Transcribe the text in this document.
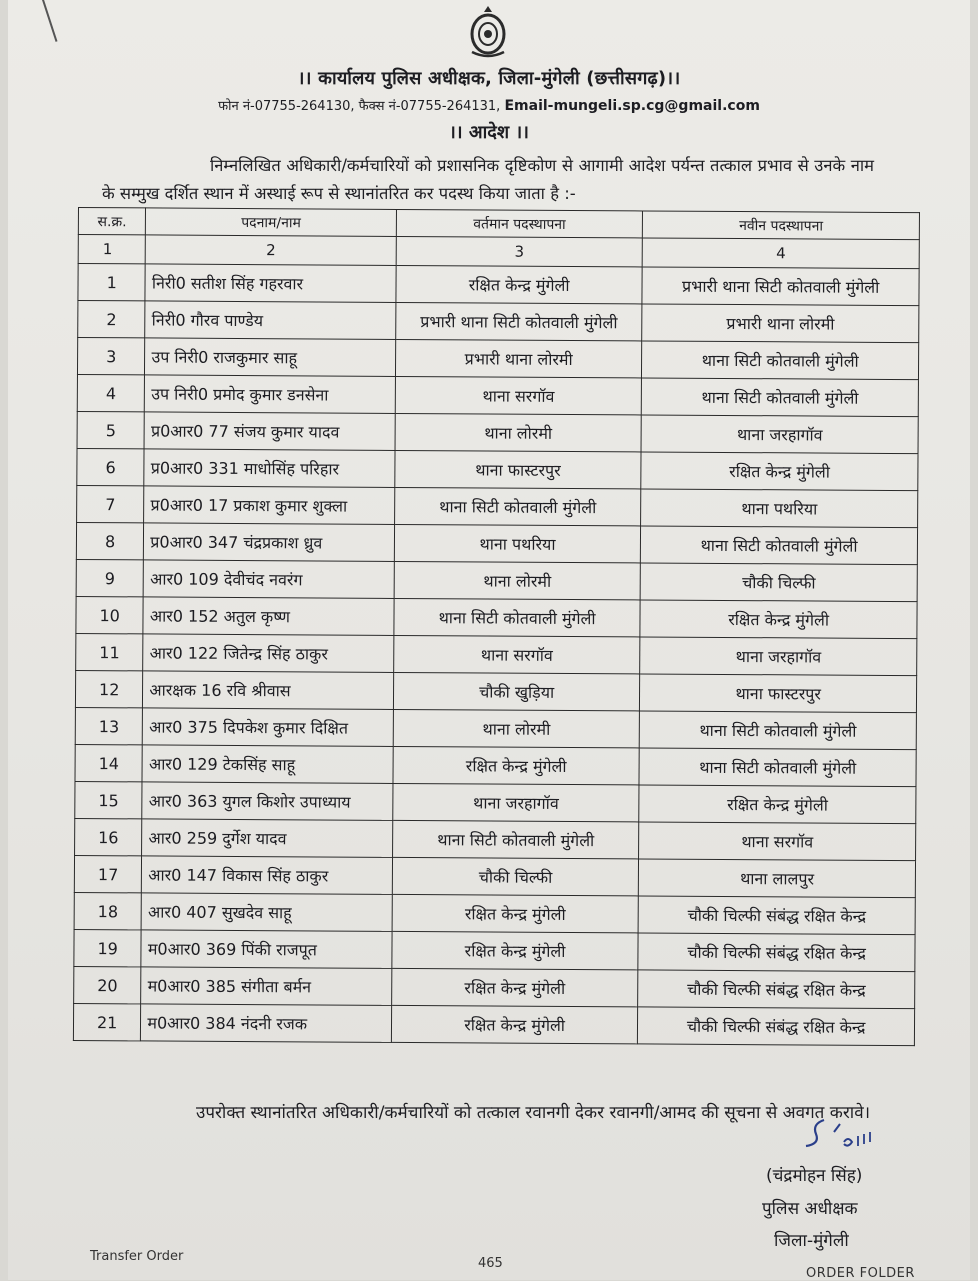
।। कार्यालय पुलिस अधीक्षक, जिला-मुंगेली (छत्तीसगढ़)।।
फोन नं-07755-264130, फैक्स नं-07755-264131, Email-mungeli.sp.cg@gmail.com
।। आदेश ।।
निम्नलिखित अधिकारी/कर्मचारियों को प्रशासनिक दृष्टिकोण से आगामी आदेश पर्यन्त तत्काल प्रभाव से उनके नाम के सम्मुख दर्शित स्थान में अस्थाई रूप से स्थानांतरित कर पदस्थ किया जाता है :-
स.क्र.	पदनाम/नाम	वर्तमान पदस्थापना	नवीन पदस्थापना
1	2	3	4
1	निरी0 सतीश सिंह गहरवार	रक्षित केन्द्र मुंगेली	प्रभारी थाना सिटी कोतवाली मुंगेली
2	निरी0 गौरव पाण्डेय	प्रभारी थाना सिटी कोतवाली मुंगेली	प्रभारी थाना लोरमी
3	उप निरी0 राजकुमार साहू	प्रभारी थाना लोरमी	थाना सिटी कोतवाली मुंगेली
4	उप निरी0 प्रमोद कुमार डनसेना	थाना सरगॉव	थाना सिटी कोतवाली मुंगेली
5	प्र0आर0 77 संजय कुमार यादव	थाना लोरमी	थाना जरहागॉव
6	प्र0आर0 331 माधोसिंह परिहार	थाना फास्टरपुर	रक्षित केन्द्र मुंगेली
7	प्र0आर0 17 प्रकाश कुमार शुक्ला	थाना सिटी कोतवाली मुंगेली	थाना पथरिया
8	प्र0आर0 347 चंद्रप्रकाश ध्रुव	थाना पथरिया	थाना सिटी कोतवाली मुंगेली
9	आर0 109 देवीचंद नवरंग	थाना लोरमी	चौकी चिल्फी
10	आर0 152 अतुल कृष्ण	थाना सिटी कोतवाली मुंगेली	रक्षित केन्द्र मुंगेली
11	आर0 122 जितेन्द्र सिंह ठाकुर	थाना सरगॉव	थाना जरहागॉव
12	आरक्षक 16 रवि श्रीवास	चौकी खुड़िया	थाना फास्टरपुर
13	आर0 375 दिपकेश कुमार दिक्षित	थाना लोरमी	थाना सिटी कोतवाली मुंगेली
14	आर0 129 टेकसिंह साहू	रक्षित केन्द्र मुंगेली	थाना सिटी कोतवाली मुंगेली
15	आर0 363 युगल किशोर उपाध्याय	थाना जरहागॉव	रक्षित केन्द्र मुंगेली
16	आर0 259 दुर्गेश यादव	थाना सिटी कोतवाली मुंगेली	थाना सरगॉव
17	आर0 147 विकास सिंह ठाकुर	चौकी चिल्फी	थाना लालपुर
18	आर0 407 सुखदेव साहू	रक्षित केन्द्र मुंगेली	चौकी चिल्फी संबंद्ध रक्षित केन्द्र
19	म0आर0 369 पिंकी राजपूत	रक्षित केन्द्र मुंगेली	चौकी चिल्फी संबंद्ध रक्षित केन्द्र
20	म0आर0 385 संगीता बर्मन	रक्षित केन्द्र मुंगेली	चौकी चिल्फी संबंद्ध रक्षित केन्द्र
21	म0आर0 384 नंदनी रजक	रक्षित केन्द्र मुंगेली	चौकी चिल्फी संबंद्ध रक्षित केन्द्र
उपरोक्त स्थानांतरित अधिकारी/कर्मचारियों को तत्काल रवानगी देकर रवानगी/आमद की सूचना से अवगत करावे।
(चंद्रमोहन सिंह)
पुलिस अधीक्षक
जिला-मुंगेली
Transfer Order	465
ORDER FOLDER
